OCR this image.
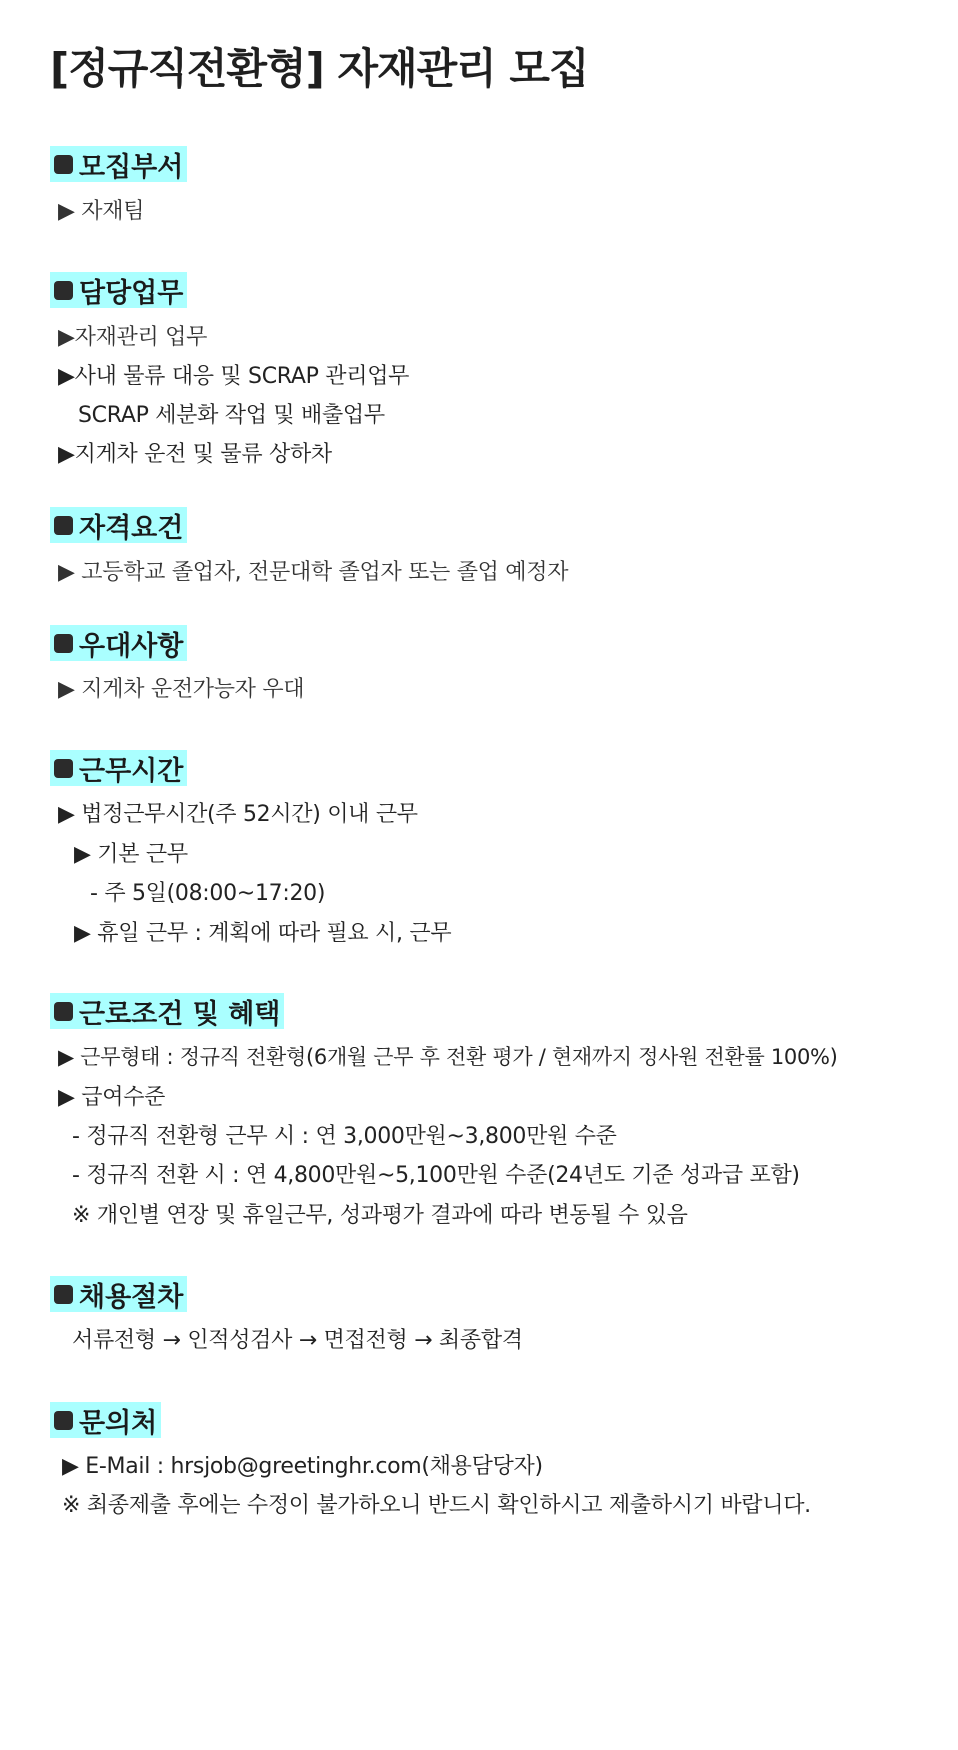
[정규직전환형] 자재관리 모집
모집부서
▶ 자재팀
담당업무
▶자재관리 업무
▶사내 물류 대응 및 SCRAP 관리업무
SCRAP 세분화 작업 및 배출업무
▶지게차 운전 및 물류 상하차
자격요건
▶ 고등학교 졸업자, 전문대학 졸업자 또는 졸업 예정자
우대사항
▶ 지게차 운전가능자 우대
근무시간
▶ 법정근무시간(주 52시간) 이내 근무
▶ 기본 근무
- 주 5일(08:00~17:20)
▶ 휴일 근무 : 계획에 따라 필요 시, 근무
근로조건 및 혜택
▶ 근무형태 : 정규직 전환형(6개월 근무 후 전환 평가 / 현재까지 정사원 전환률 100%)
▶ 급여수준
- 정규직 전환형 근무 시 : 연 3,000만원~3,800만원 수준
- 정규직 전환 시 : 연 4,800만원~5,100만원 수준(24년도 기준 성과급 포함)
※ 개인별 연장 및 휴일근무, 성과평가 결과에 따라 변동될 수 있음
채용절차
서류전형 → 인적성검사 → 면접전형 → 최종합격
문의처
▶ E-Mail : hrsjob@greetinghr.com(채용담당자)
※ 최종제출 후에는 수정이 불가하오니 반드시 확인하시고 제출하시기 바랍니다.
